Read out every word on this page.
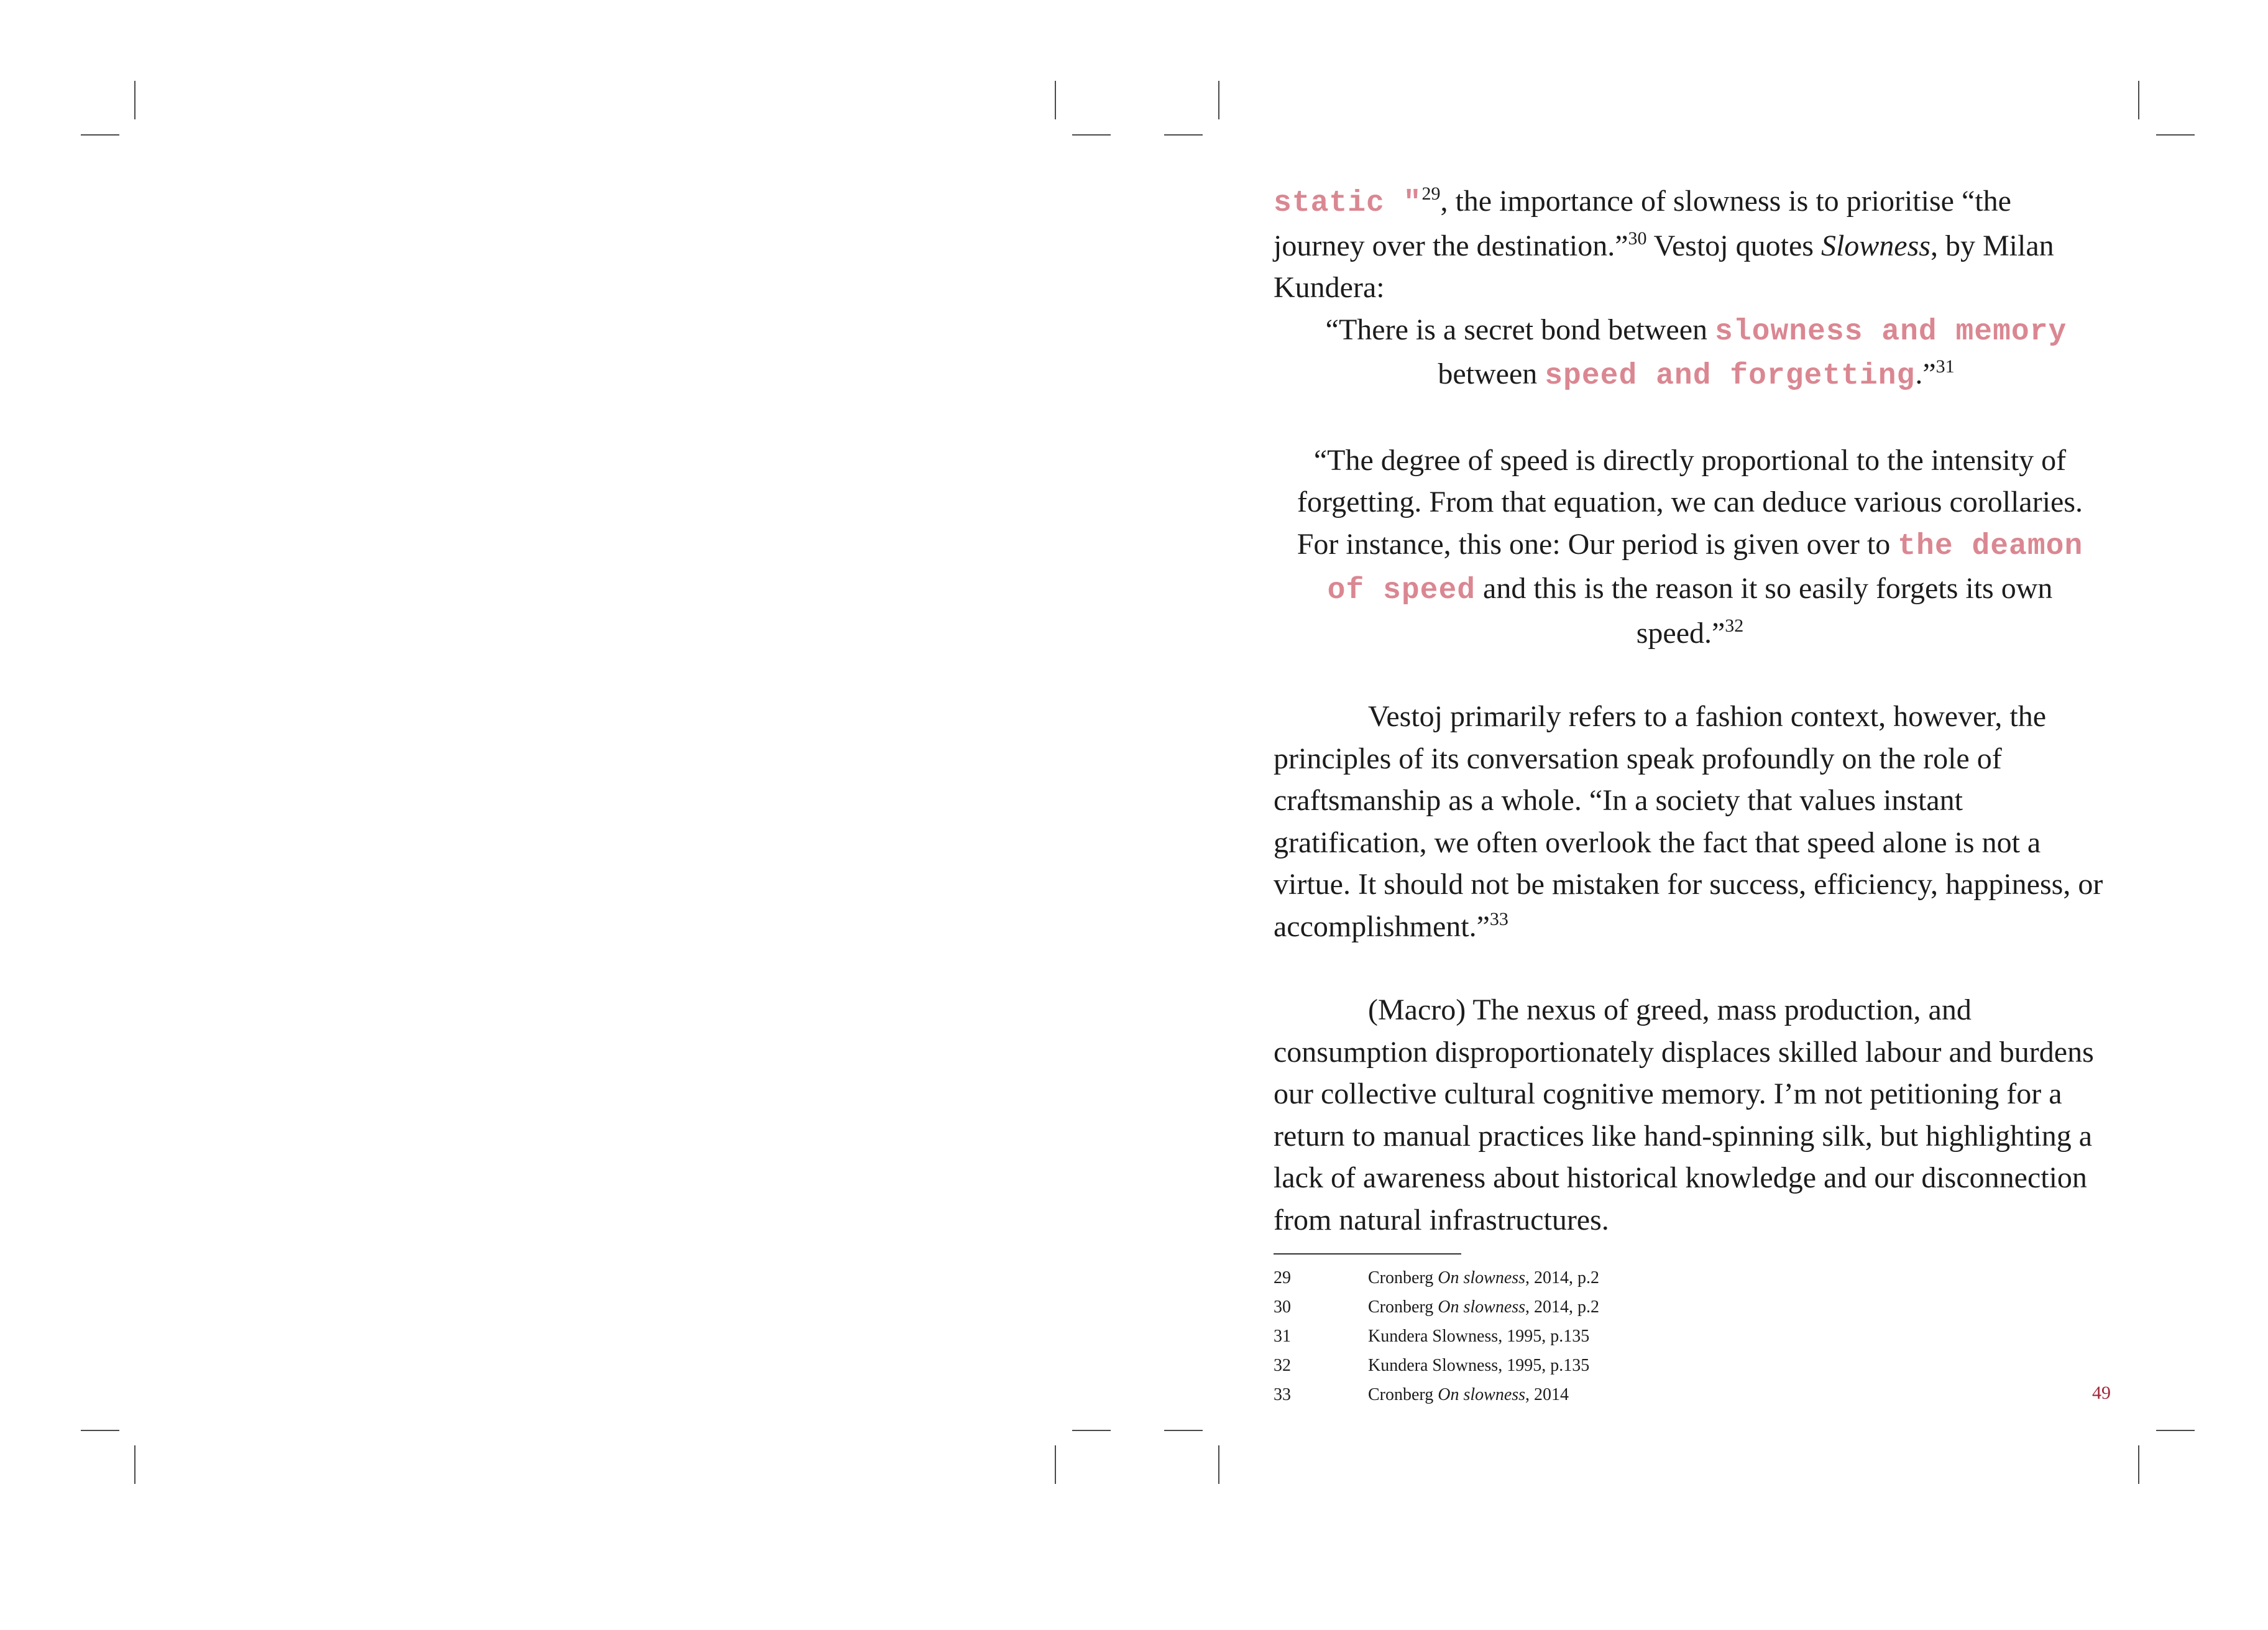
static "$^{29}$, the importance of slowness is to prioritise “the journey over the destination.”$^{30}$ Vestoj quotes Slowness, by Milan Kundera:

“There is a secret bond between slowness and memory
between speed and forgetting.”$^{31}$

“The degree of speed is directly proportional to the intensity of forgetting. From that equation, we can deduce various corollaries. For instance, this one: Our period is given over to the deamon of speed and this is the reason it so easily forgets its own speed.”$^{32}$

Vestoj primarily refers to a fashion context, however, the principles of its conversation speak profoundly on the role of craftsmanship as a whole. “In a society that values instant gratification, we often overlook the fact that speed alone is not a virtue. It should not be mistaken for success, efficiency, happiness, or accomplishment.”$^{33}$

(Macro) The nexus of greed, mass production, and consumption disproportionately displaces skilled labour and burdens our collective cultural cognitive memory. I’m not petitioning for a return to manual practices like hand-spinning silk, but highlighting a lack of awareness about historical knowledge and our disconnection from natural infrastructures.

29	Cronberg On slowness, 2014, p.2
30	Cronberg On slowness, 2014, p.2
31	Kundera Slowness, 1995, p.135
32	Kundera Slowness, 1995, p.135
33	Cronberg On slowness, 2014	49
